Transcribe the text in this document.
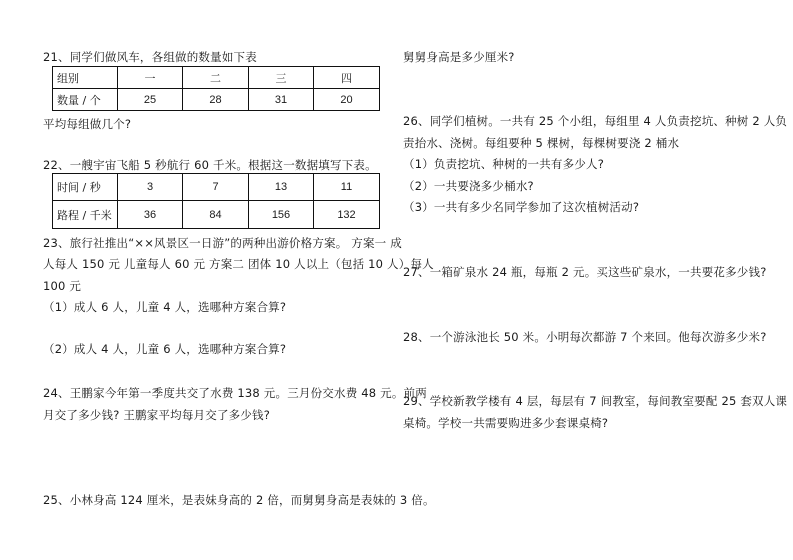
21、同学们做风车，各组做的数量如下表
组别	一	二	三	四
数量 / 个	25	28	31	20
平均每组做几个?
22、一艘宇宙飞船 5 秒航行 60 千米。根据这一数据填写下表。
时间 / 秒	3	7	13	11
路程 / 千米	36	84	156	132
23、旅行社推出“××风景区一日游”的两种出游价格方案。 方案一 成
人每人 150 元 儿童每人 60 元 方案二 团体 10 人以上（包括 10 人）每人
100 元
（1）成人 6 人，儿童 4 人，选哪种方案合算?
（2）成人 4 人，儿童 6 人，选哪种方案合算?
24、王鹏家今年第一季度共交了水费 138 元。三月份交水费 48 元。前两
月交了多少钱? 王鹏家平均每月交了多少钱?
25、小林身高 124 厘米，是表妹身高的 2 倍，而舅舅身高是表妹的 3 倍。
舅舅身高是多少厘米?
26、同学们植树。一共有 25 个小组，每组里 4 人负责挖坑、种树 2 人负
责抬水、浇树。每组要种 5 棵树，每棵树要浇 2 桶水
（1）负责挖坑、种树的一共有多少人?
（2）一共要浇多少桶水?
（3）一共有多少名同学参加了这次植树活动?
27、一箱矿泉水 24 瓶，每瓶 2 元。买这些矿泉水，一共要花多少钱?
28、一个游泳池长 50 米。小明每次都游 7 个来回。他每次游多少米?
29、学校新教学楼有 4 层，每层有 7 间教室，每间教室要配 25 套双人课
桌椅。学校一共需要购进多少套课桌椅?
